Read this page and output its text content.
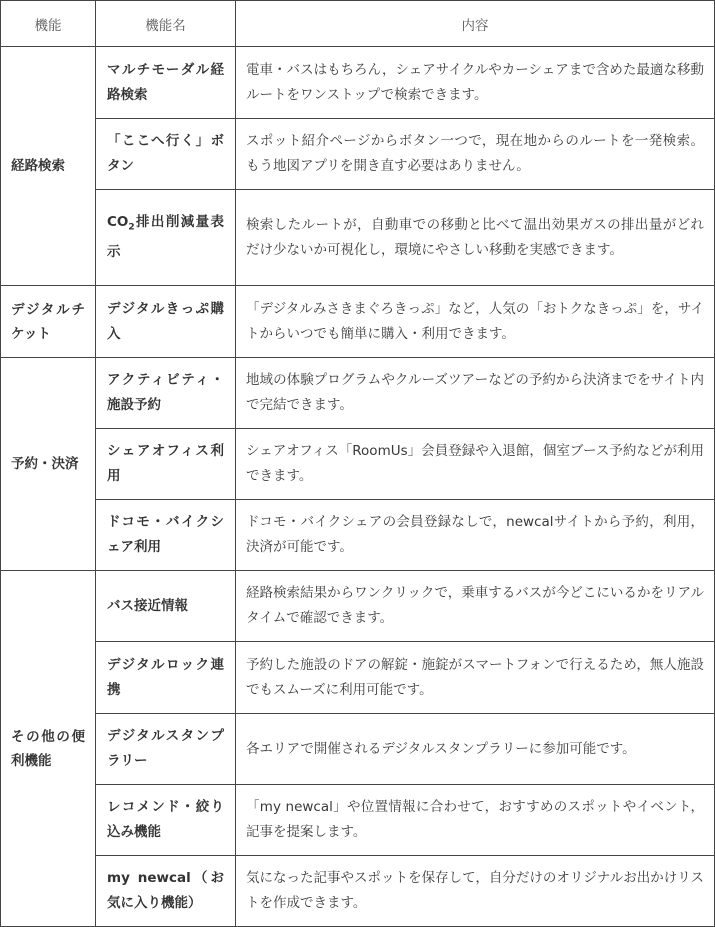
機能	機能名	内容
経路検索	マルチモーダル経路検索	電車・バスはもちろん，シェアサイクルやカーシェアまで含めた最適な移動ルートをワンストップで検索できます。
	「ここへ行く」ボタン	スポット紹介ページからボタン一つで，現在地からのルートを一発検索。もう地図アプリを開き直す必要はありません。
	$CO_2$排出削減量表示	検索したルートが，自動車での移動と比べて温出効果ガスの排出量がどれだけ少ないか可視化し，環境にやさしい移動を実感できます。
デジタルチケット	デジタルきっぷ購入	「デジタルみさきまぐろきっぷ」など，人気の「おトクなきっぷ」を，サイトからいつでも簡単に購入・利用できます。
予約・決済	アクティビティ・施設予約	地域の体験プログラムやクルーズツアーなどの予約から決済までをサイト内で完結できます。
	シェアオフィス利用	シェアオフィス「RoomUs」会員登録や入退館，個室ブース予約などが利用できます。
	ドコモ・バイクシェア利用	ドコモ・バイクシェアの会員登録なしで，newcalサイトから予約，利用，決済が可能です。
その他の便利機能	バス接近情報	経路検索結果からワンクリックで，乗車するバスが今どこにいるかをリアルタイムで確認できます。
	デジタルロック連携	予約した施設のドアの解錠・施錠がスマートフォンで行えるため，無人施設でもスムーズに利用可能です。
	デジタルスタンプラリー	各エリアで開催されるデジタルスタンプラリーに参加可能です。
	レコメンド・絞り込み機能	「my newcal」や位置情報に合わせて，おすすめのスポットやイベント，記事を提案します。
	my newcal（お気に入り機能）	気になった記事やスポットを保存して，自分だけのオリジナルお出かけリストを作成できます。
